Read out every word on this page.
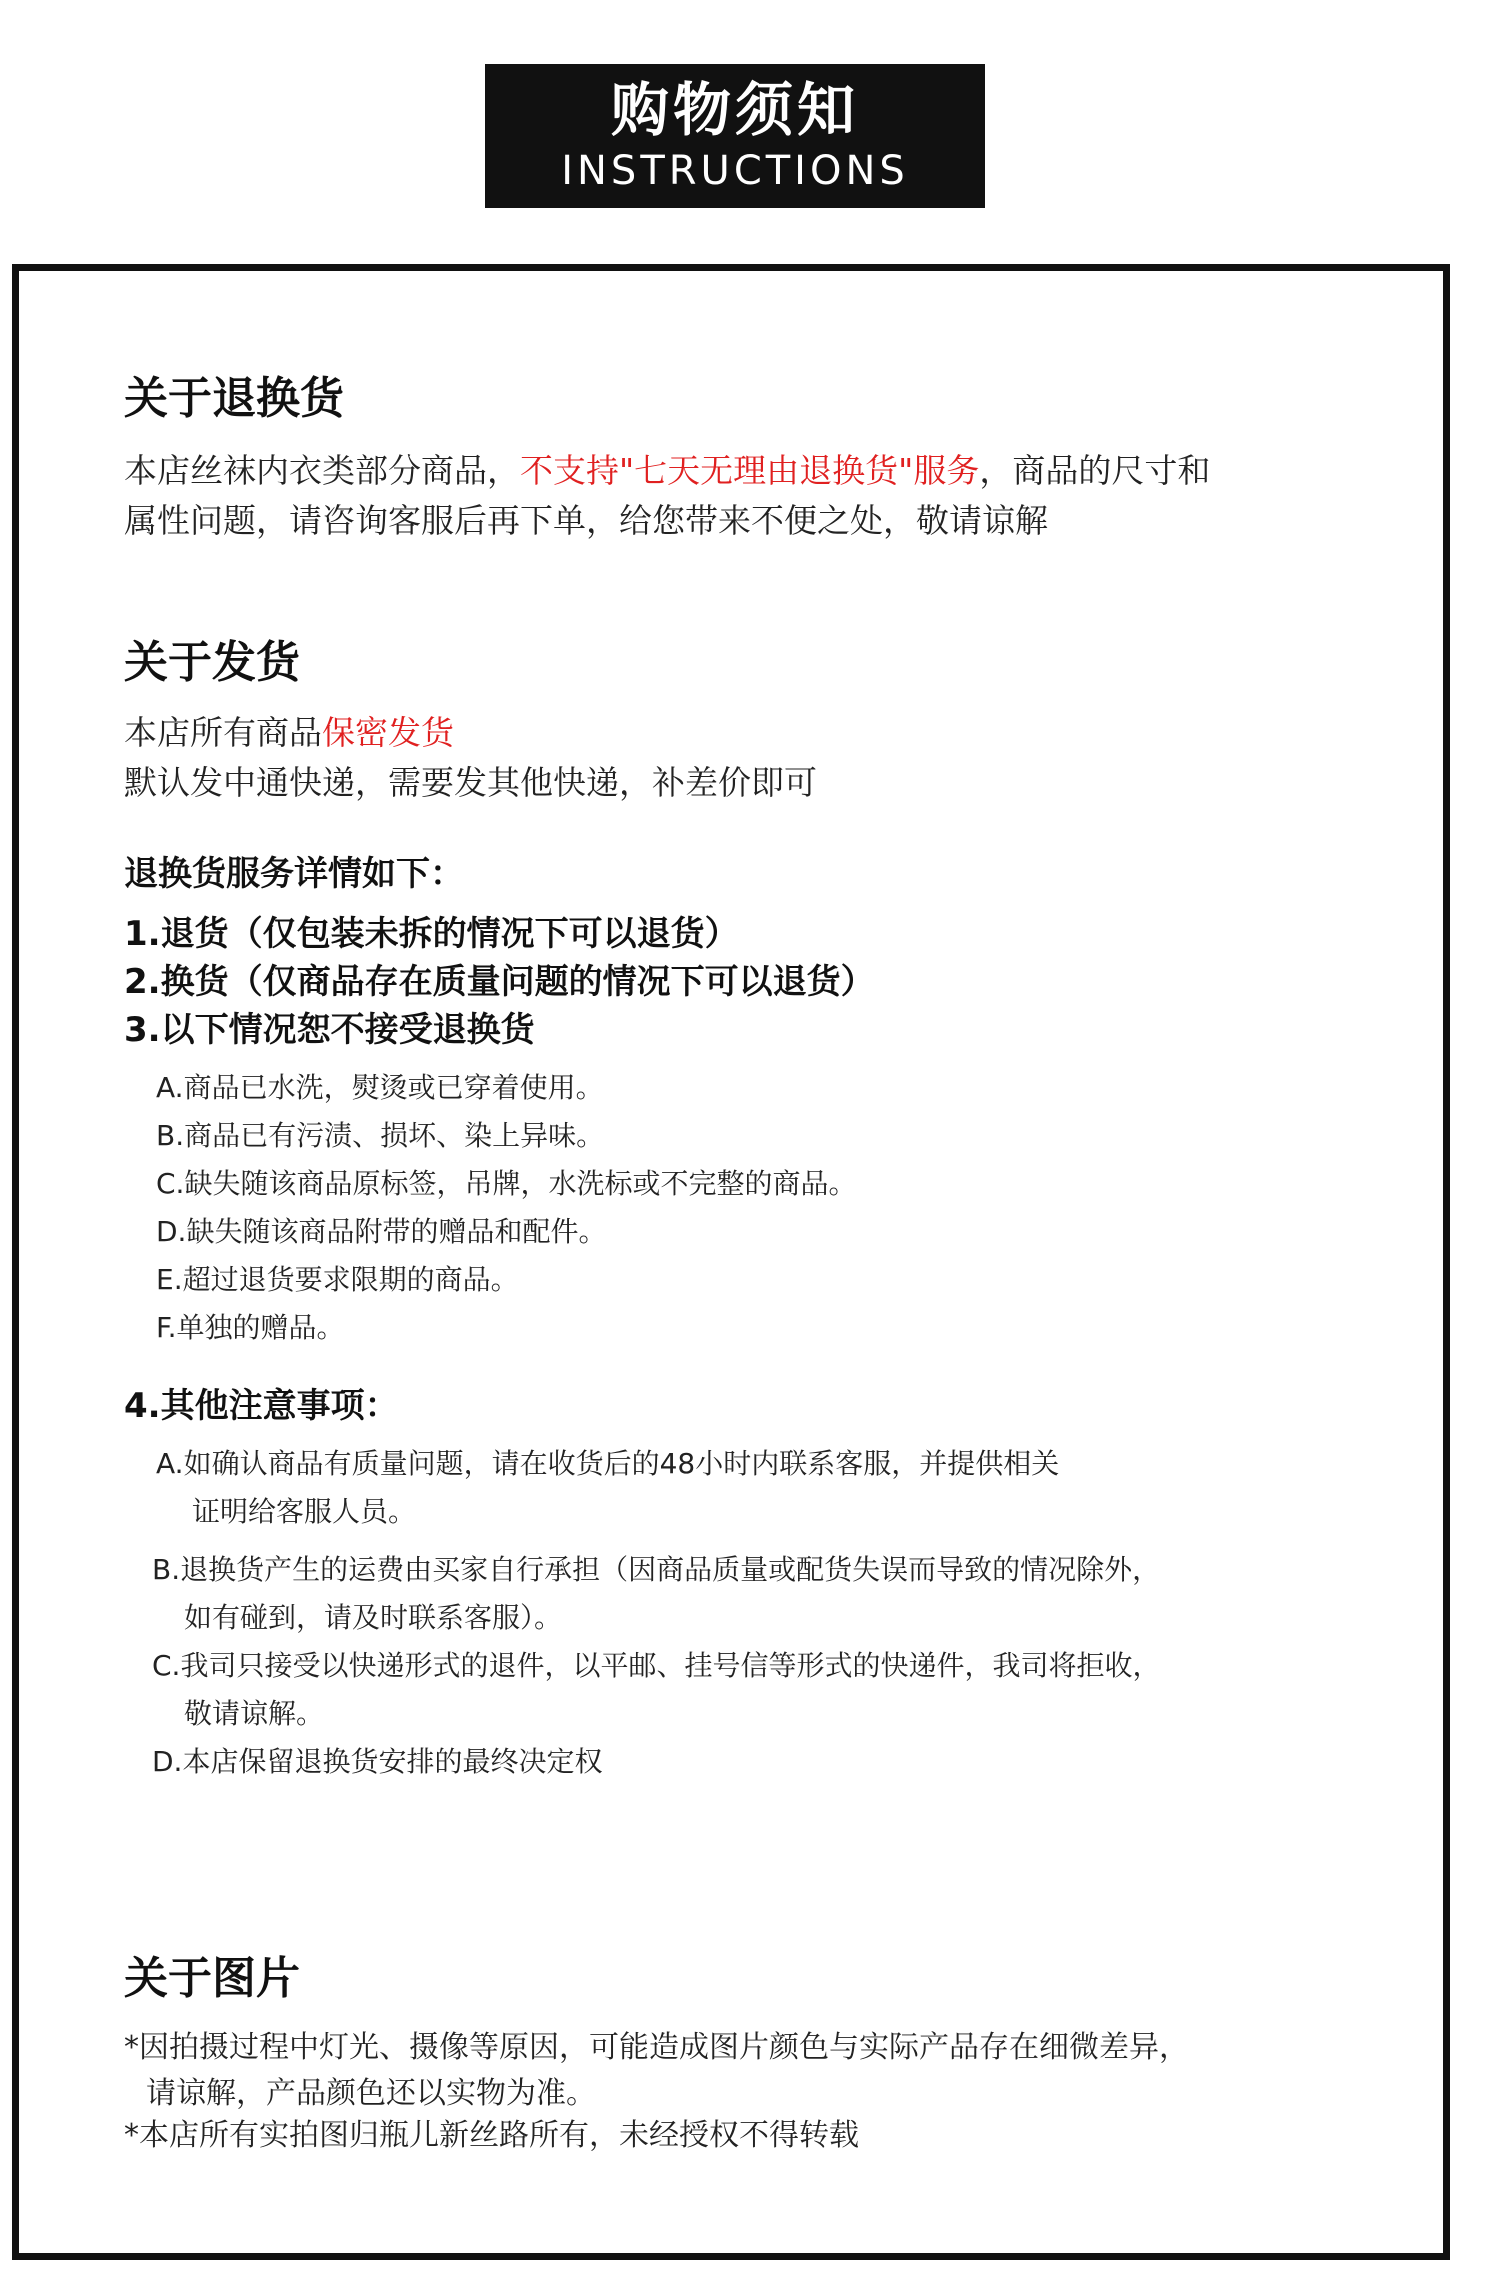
购物须知
INSTRUCTIONS
关于退换货
本店丝袜内衣类部分商品，不支持"七天无理由退换货"服务，商品的尺寸和
属性问题，请咨询客服后再下单，给您带来不便之处，敬请谅解
关于发货
本店所有商品保密发货
默认发中通快递，需要发其他快递，补差价即可
退换货服务详情如下：
1.退货（仅包装未拆的情况下可以退货）
2.换货（仅商品存在质量问题的情况下可以退货）
3.以下情况恕不接受退换货
A.商品已水洗，熨烫或已穿着使用。
B.商品已有污渍、损坏、染上异味。
C.缺失随该商品原标签，吊牌，水洗标或不完整的商品。
D.缺失随该商品附带的赠品和配件。
E.超过退货要求限期的商品。
F.单独的赠品。
4.其他注意事项：
A.如确认商品有质量问题，请在收货后的48小时内联系客服，并提供相关
证明给客服人员。
B.退换货产生的运费由买家自行承担（因商品质量或配货失误而导致的情况除外，
如有碰到，请及时联系客服）。
C.我司只接受以快递形式的退件，以平邮、挂号信等形式的快递件，我司将拒收，
敬请谅解。
D.本店保留退换货安排的最终决定权
关于图片
*因拍摄过程中灯光、摄像等原因，可能造成图片颜色与实际产品存在细微差异，
请谅解，产品颜色还以实物为准。
*本店所有实拍图归瓶儿新丝路所有，未经授权不得转载
